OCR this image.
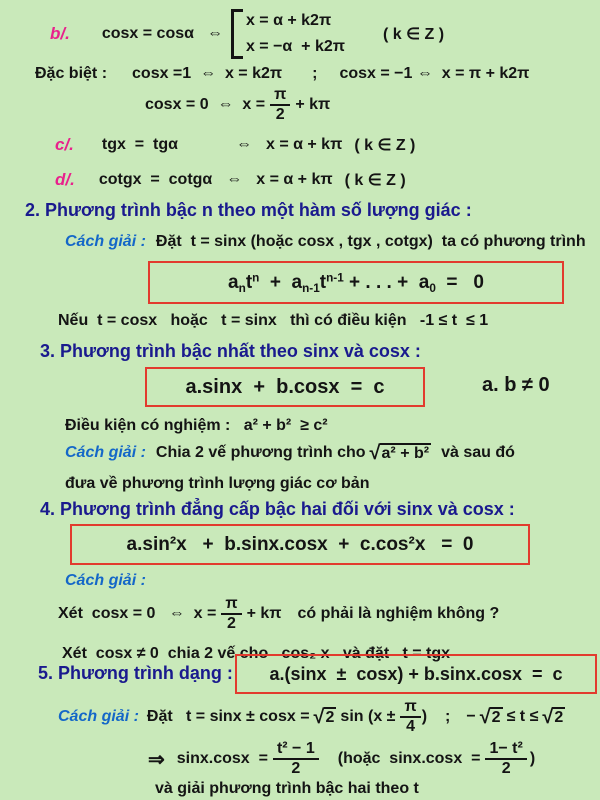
b/. cosx = cosα ⇔
x = α + k2π
x = −α  + k2π
( k ∈ Z )
Đặc biệt : cosx =1  ⇔  x = k2π ; cosx = −1 ⇔  x = π + k2π
cosx = 0  ⇔  $x = \frac{\pi}{2} + k\pi$
c/. tgx  =  tgα	⇔ x = α + kπ ( k ∈ Z )
d/. cotgx  =  cotgα ⇔ x = α + kπ ( k ∈ Z )
2. Phương trình bậc n theo một hàm số lượng giác :
Cách giải : Đặt  t = sinx (hoặc cosx , tgx , cotgx)  ta có phương trình
$a_nt^n + a_{n-1}t^{n-1}$ + . . . +  $a_0 = 0$
Nếu  t = cosx   hoặc   t = sinx   thì có điều kiện   -1 ≤ t  ≤ 1
3. Phương trình bậc nhất theo sinx và cosx :
a.sinx  +  b.cosx  =  c	a. b ≠ 0
Điều kiện có nghiệm :   a² + b²  ≥ c²
Cách giải : Chia 2 vế phương trình cho √ a² + b² và sau đó
đưa về phương trình lượng giác cơ bản
4. Phương trình đẳng cấp bậc hai đối với sinx và cosx :
a.sin²x   +  b.sinx.cosx  +  c.cos²x   =  0
Cách giải :
Xét  cosx = 0   ⇔  $x = \frac{\pi}{2} + k\pi$ có phải là nghiệm không ?
Xét  cosx ≠ 0  chia 2 vế cho   cos₂ x   và đặt   t = tgx
5. Phương trình dạng : a.(sinx  ±  cosx) + b.sinx.cosx  =  c
Cách giải : Đặt   t = sinx ± cosx = √ 2 $\sin (x \pm \frac{\pi}{4}$ ) ; − √ 2 ≤ t ≤ √ 2
⇒ $\sin x.\cos x = \frac{\text{t² − 1}}{2}$ (hoặc  $\sin x.\cos x = \frac{\text{1− t²}}{2}$ )
và giải phương trình bậc hai theo t
